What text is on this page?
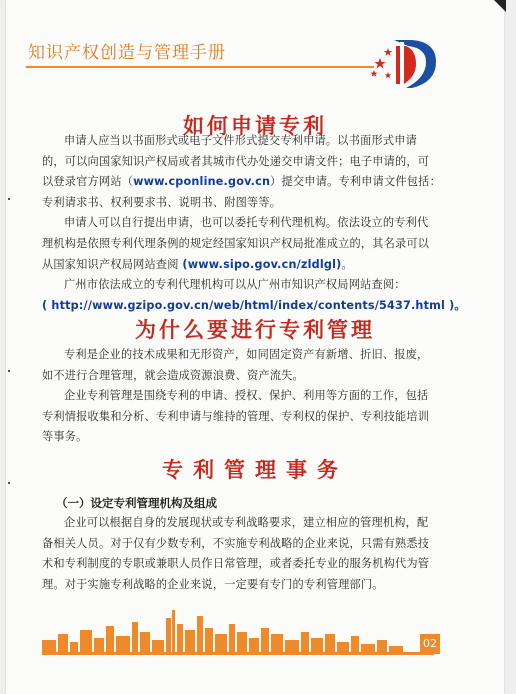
知识产权创造与管理手册
如何申请专利
申请人应当以书面形式或电子文件形式提交专利申请。以书面形式申请
的，可以向国家知识产权局或者其城市代办处递交申请文件；电子申请的，可
以登录官方网站（www.cponline.gov.cn）提交申请。专利申请文件包括：
专利请求书、权利要求书、说明书、附图等等。
申请人可以自行提出申请，也可以委托专利代理机构。依法设立的专利代
理机构是依照专利代理条例的规定经国家知识产权局批准成立的，其名录可以
从国家知识产权局网站查阅 (www.sipo.gov.cn/zldlgl)。
广州市依法成立的专利代理机构可以从广州市知识产权局网站查阅：
( http://www.gzipo.gov.cn/web/html/index/contents/5437.html )。
为什么要进行专利管理
专利是企业的技术成果和无形资产，如同固定资产有新增、折旧、报废，
如不进行合理管理，就会造成资源浪费、资产流失。
企业专利管理是围绕专利的申请、授权、保护、利用等方面的工作，包括
专利情报收集和分析、专利申请与维持的管理、专利权的保护、专利技能培训
等事务。
专利管理事务
（一）设定专利管理机构及组成
企业可以根据自身的发展现状或专利战略要求，建立相应的管理机构，配
备相关人员。对于仅有少数专利，不实施专利战略的企业来说，只需有熟悉技
术和专利制度的专职或兼职人员作日常管理，或者委托专业的服务机构代为管
理。对于实施专利战略的企业来说，一定要有专门的专利管理部门。
02
